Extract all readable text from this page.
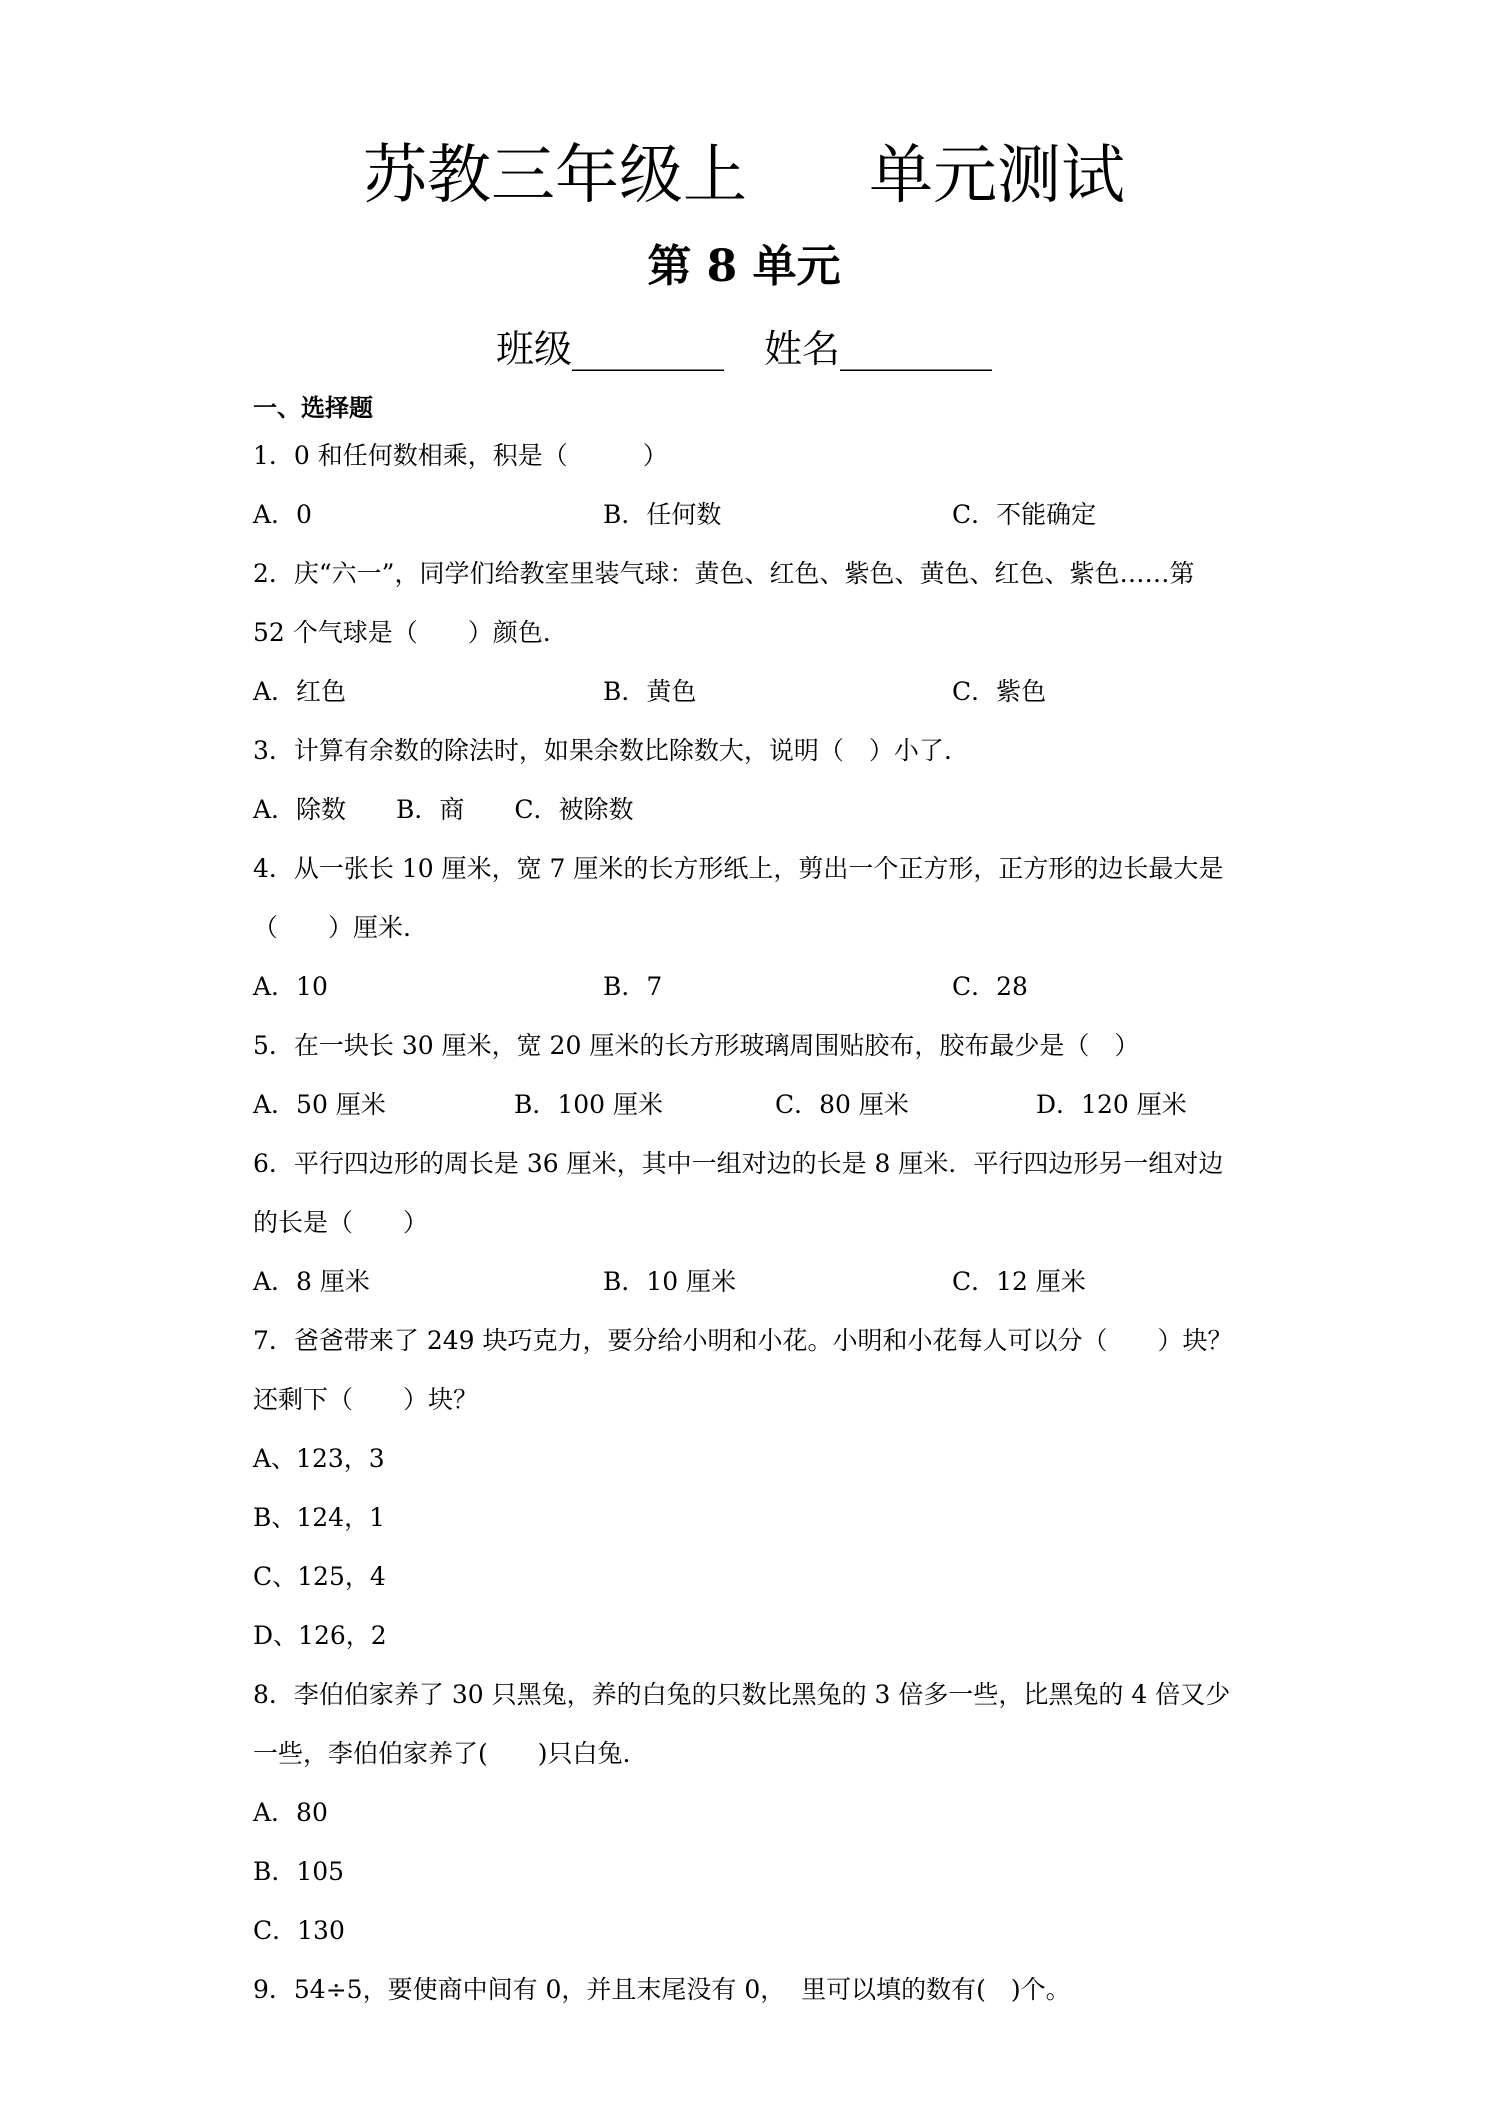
苏教三年级上      单元测试
第 8 单元
班级________ 姓名________
一、选择题
1．0 和任何数相乘，积是（　　　）
A．0	B．任何数	C．不能确定
2．庆“六一”，同学们给教室里装气球：黄色、红色、紫色、黄色、红色、紫色……第
52 个气球是（　　）颜色.
A．红色	B．黄色	C．紫色
3．计算有余数的除法时，如果余数比除数大，说明（　）小了.
A．除数　　B．商　　C．被除数
4．从一张长 10 厘米，宽 7 厘米的长方形纸上，剪出一个正方形，正方形的边长最大是
（　　）厘米.
A．10	B．7	C．28
5．在一块长 30 厘米，宽 20 厘米的长方形玻璃周围贴胶布，胶布最少是（　）
A．50 厘米	B．100 厘米	C．80 厘米	D．120 厘米
6．平行四边形的周长是 36 厘米，其中一组对边的长是 8 厘米．平行四边形另一组对边
的长是（　　）
A．8 厘米	B．10 厘米	C．12 厘米
7．爸爸带来了 249 块巧克力，要分给小明和小花。小明和小花每人可以分（　　）块？
还剩下（　　）块？
A、123，3
B、124，1
C、125，4
D、126，2
8．李伯伯家养了 30 只黑兔，养的白兔的只数比黑兔的 3 倍多一些，比黑兔的 4 倍又少
一些，李伯伯家养了(　　)只白兔.
A．80
B．105
C．130
9．54÷5，要使商中间有 0，并且末尾没有 0，  里可以填的数有(　)个。
